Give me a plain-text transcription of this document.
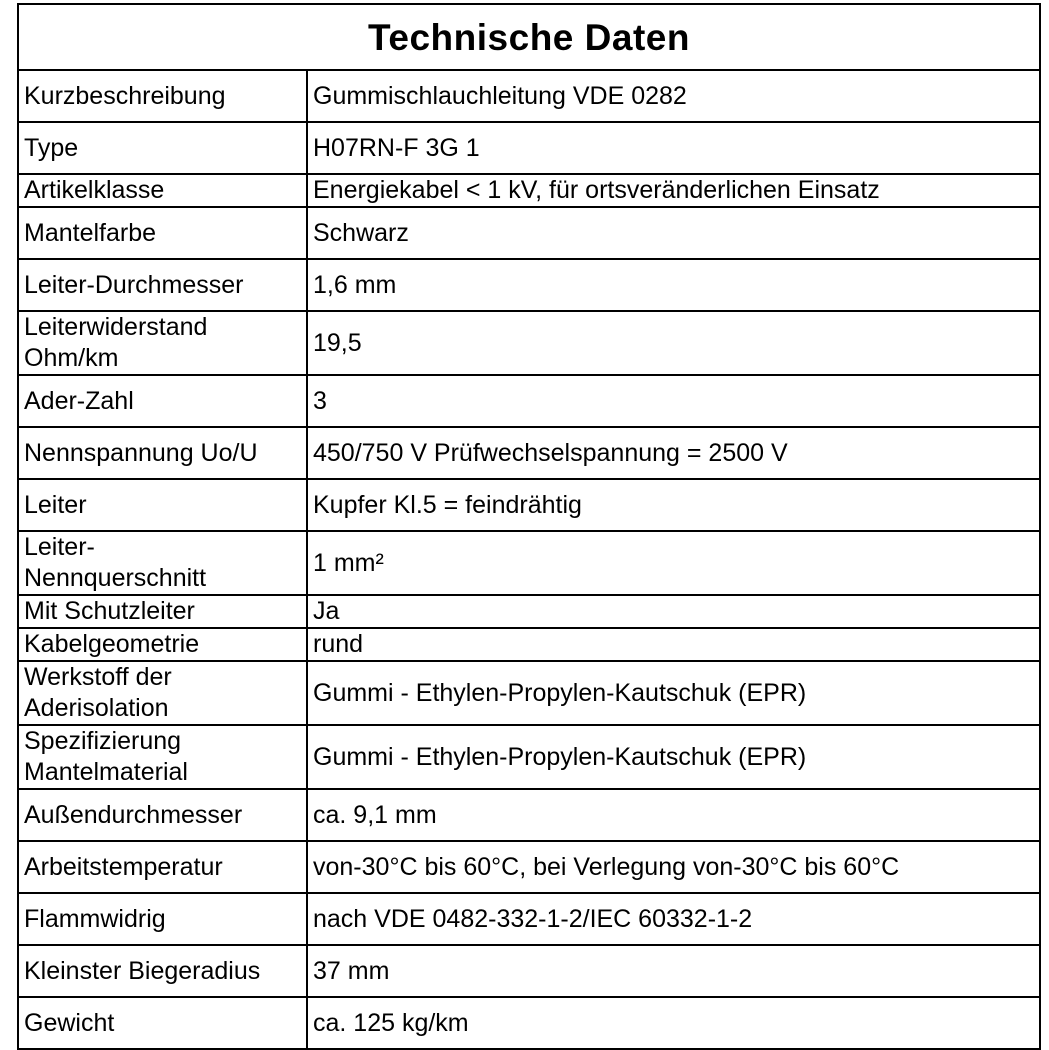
Technische Daten	
Kurzbeschreibung	Gummischlauchleitung VDE 0282
Type	H07RN-F 3G 1
Artikelklasse	Energiekabel < 1 kV, für ortsveränderlichen Einsatz
Mantelfarbe	Schwarz
Leiter-Durchmesser	1,6 mm
Leiterwiderstand
Ohm/km	19,5
Ader-Zahl	3
Nennspannung Uo/U	450/750 V Prüfwechselspannung = 2500 V
Leiter	Kupfer Kl.5 = feindrähtig
Leiter-
Nennquerschnitt	1 mm²
Mit Schutzleiter	Ja
Kabelgeometrie	rund
Werkstoff der
Aderisolation	Gummi - Ethylen-Propylen-Kautschuk (EPR)
Spezifizierung
Mantelmaterial	Gummi - Ethylen-Propylen-Kautschuk (EPR)
Außendurchmesser	ca. 9,1 mm
Arbeitstemperatur	von-30°C bis 60°C, bei Verlegung von-30°C bis 60°C
Flammwidrig	nach VDE 0482-332-1-2/IEC 60332-1-2
Kleinster Biegeradius	37 mm
Gewicht	ca. 125 kg/km
